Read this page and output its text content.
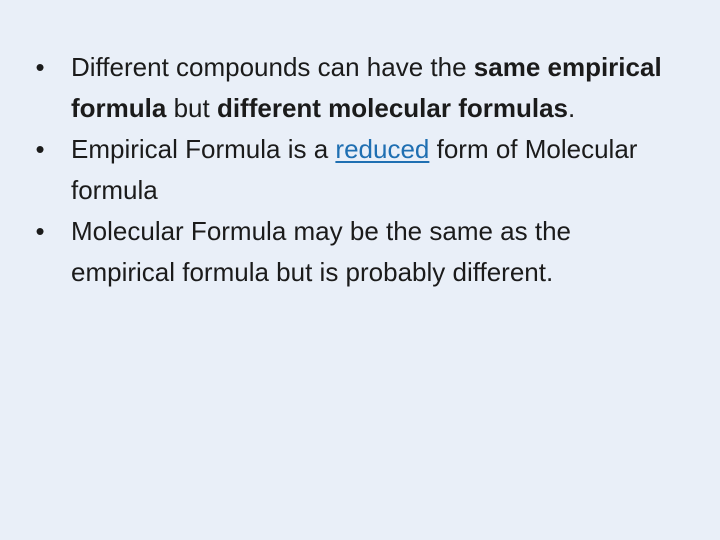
• Different compounds can have the same empirical formula but different molecular formulas.
• Empirical Formula is a reduced form of Molecular formula
• Molecular Formula may be the same as the empirical formula but is probably different.
